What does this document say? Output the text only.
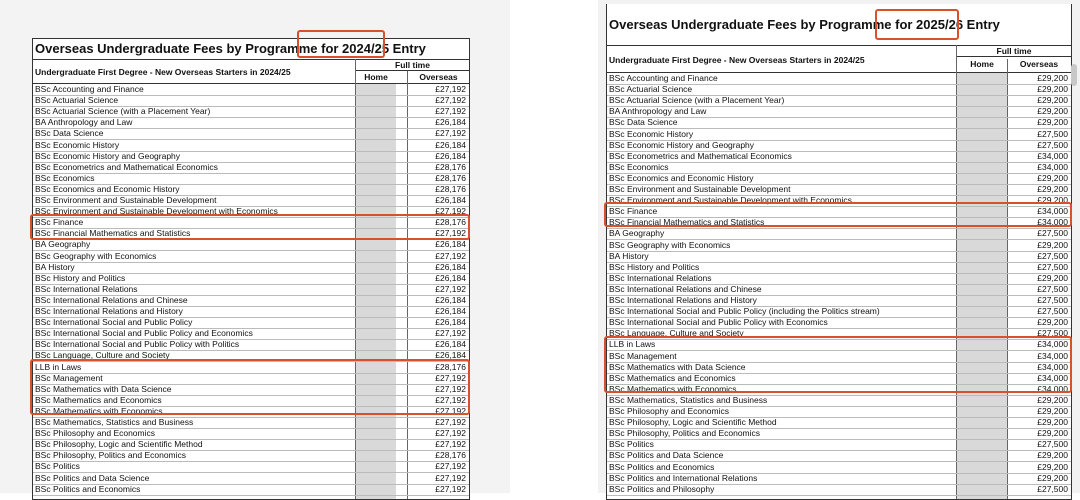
Overseas Undergraduate Fees by Programme for 2024/25 Entry
Undergraduate First Degree - New Overseas Starters in 2024/25
Full time
Home	Overseas
BSc Accounting and Finance	£27,192
BSc Actuarial Science	£27,192
BSc Actuarial Science (with a Placement Year)	£27,192
BA Anthropology and Law	£26,184
BSc Data Science	£27,192
BSc Economic History	£26,184
BSc Economic History and Geography	£26,184
BSc Econometrics and Mathematical Economics	£28,176
BSc Economics	£28,176
BSc Economics and Economic History	£28,176
BSc Environment and Sustainable Development	£26,184
BSc Environment and Sustainable Development with Economics	£27,192
BSc Finance	£28,176
BSc Financial Mathematics and Statistics	£27,192
BA Geography	£26,184
BSc Geography with Economics	£27,192
BA History	£26,184
BSc History and Politics	£26,184
BSc International Relations	£27,192
BSc International Relations and Chinese	£26,184
BSc International Relations and History	£26,184
BSc International Social and Public Policy	£26,184
BSc International Social and Public Policy and Economics	£27,192
BSc International Social and Public Policy with Politics	£26,184
BSc Language, Culture and Society	£26,184
LLB in Laws	£28,176
BSc Management	£27,192
BSc Mathematics with Data Science	£27,192
BSc Mathematics and Economics	£27,192
BSc Mathematics with Economics	£27,192
BSc Mathematics, Statistics and Business	£27,192
BSc Philosophy and Economics	£27,192
BSc Philosophy, Logic and Scientific Method	£27,192
BSc Philosophy, Politics and Economics	£28,176
BSc Politics	£27,192
BSc Politics and Data Science	£27,192
BSc Politics and Economics	£27,192
Overseas Undergraduate Fees by Programme for 2025/26 Entry
Undergraduate First Degree - New Overseas Starters in 2024/25
Full time
Home	Overseas
BSc Accounting and Finance	£29,200
BSc Actuarial Science	£29,200
BSc Actuarial Science (with a Placement Year)	£29,200
BA Anthropology and Law	£29,200
BSc Data Science	£29,200
BSc Economic History	£27,500
BSc Economic History and Geography	£27,500
BSc Econometrics and Mathematical Economics	£34,000
BSc Economics	£34,000
BSc Economics and Economic History	£29,200
BSc Environment and Sustainable Development	£29,200
BSc Environment and Sustainable Development with Economics	£29,200
BSc Finance	£34,000
BSc Financial Mathematics and Statistics	£34,000
BA Geography	£27,500
BSc Geography with Economics	£29,200
BA History	£27,500
BSc History and Politics	£27,500
BSc International Relations	£29,200
BSc International Relations and Chinese	£27,500
BSc International Relations and History	£27,500
BSc International Social and Public Policy (including the Politics stream)	£27,500
BSc International Social and Public Policy with Economics	£29,200
BSc Language, Culture and Society	£27,500
LLB in Laws	£34,000
BSc Management	£34,000
BSc Mathematics with Data Science	£34,000
BSc Mathematics and Economics	£34,000
BSc Mathematics with Economics	£34,000
BSc Mathematics, Statistics and Business	£29,200
BSc Philosophy and Economics	£29,200
BSc Philosophy, Logic and Scientific Method	£29,200
BSc Philosophy, Politics and Economics	£29,200
BSc Politics	£27,500
BSc Politics and Data Science	£29,200
BSc Politics and Economics	£29,200
BSc Politics and International Relations	£29,200
BSc Politics and Philosophy	£27,500
